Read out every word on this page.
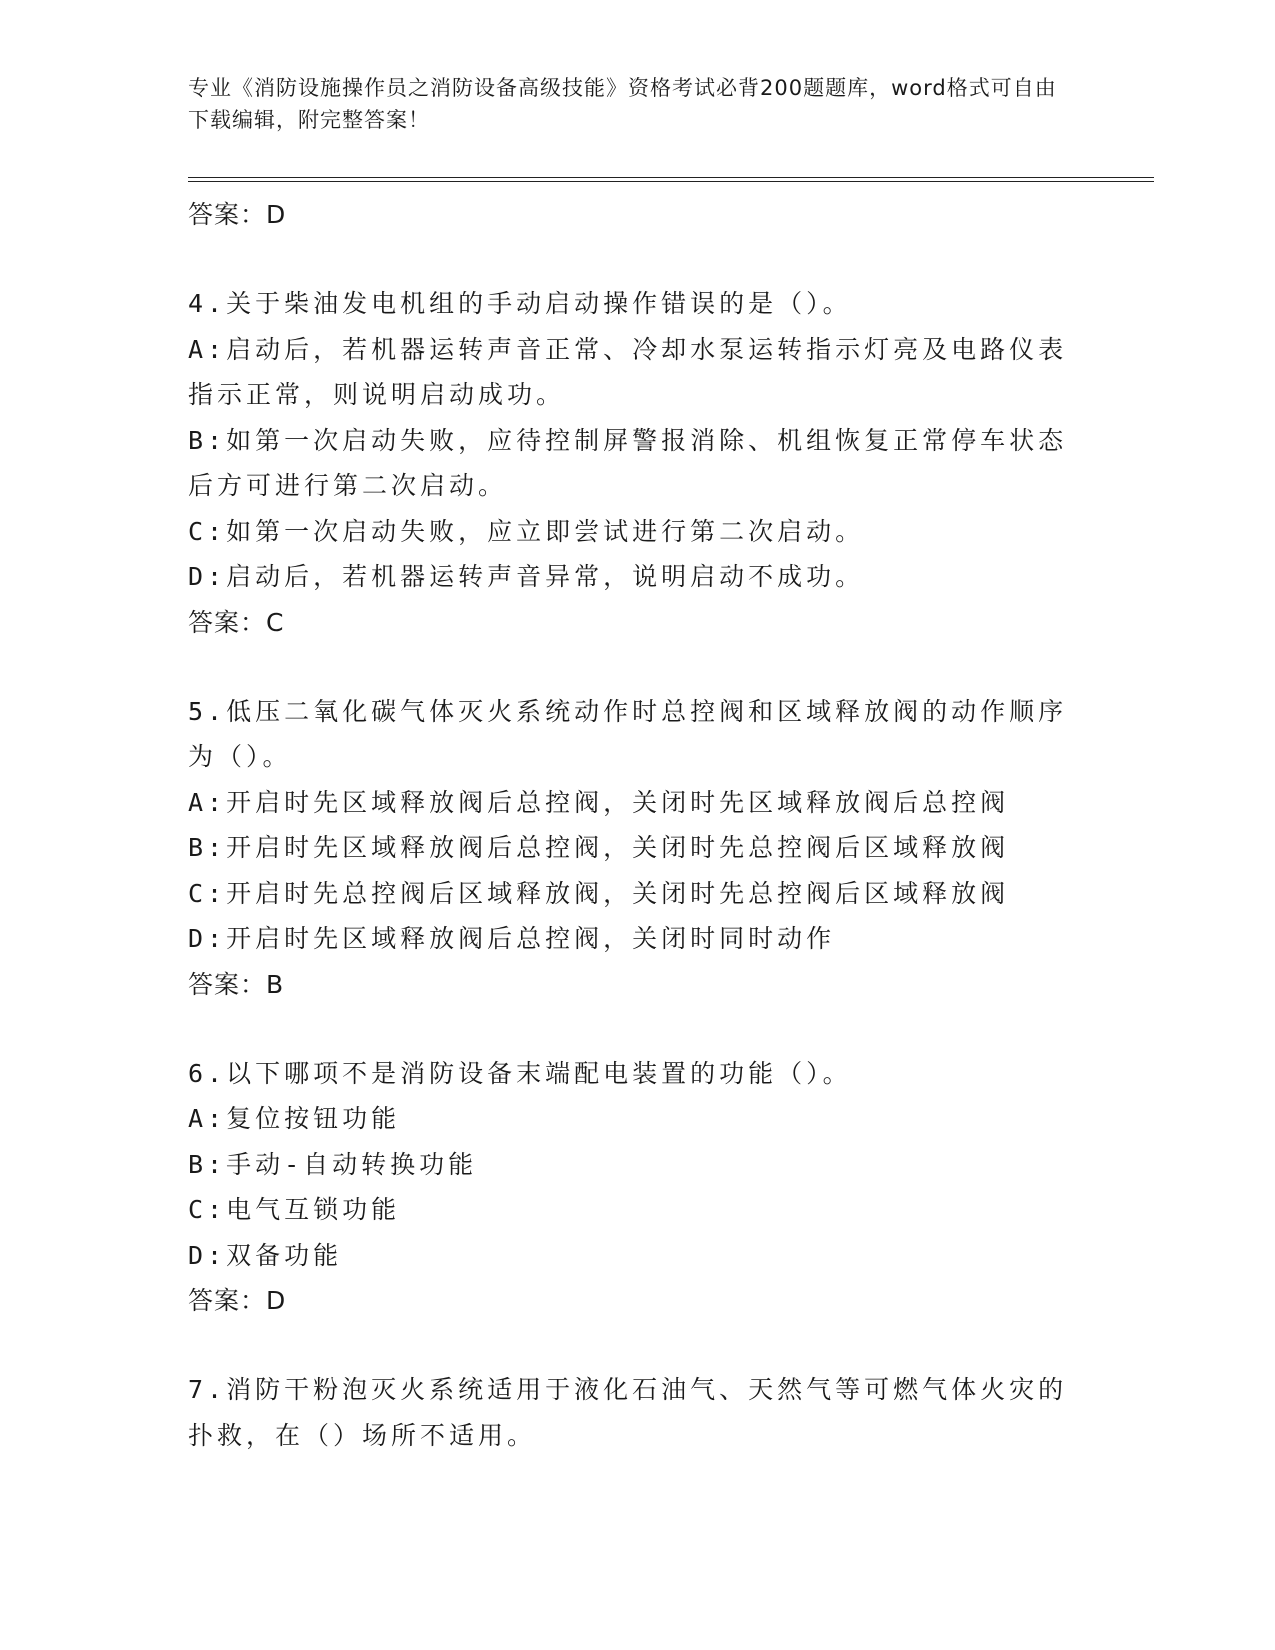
专业《消防设施操作员之消防设备高级技能》资格考试必背200题题库，word格式可自由下载编辑，附完整答案！
答案：D
4.关于柴油发电机组的手动启动操作错误的是（）。
A:启动后，若机器运转声音正常、冷却水泵运转指示灯亮及电路仪表指示正常，则说明启动成功。
B:如第一次启动失败，应待控制屏警报消除、机组恢复正常停车状态后方可进行第二次启动。
C:如第一次启动失败，应立即尝试进行第二次启动。
D:启动后，若机器运转声音异常，说明启动不成功。
答案：C
5.低压二氧化碳气体灭火系统动作时总控阀和区域释放阀的动作顺序为（）。
A:开启时先区域释放阀后总控阀，关闭时先区域释放阀后总控阀
B:开启时先区域释放阀后总控阀，关闭时先总控阀后区域释放阀
C:开启时先总控阀后区域释放阀，关闭时先总控阀后区域释放阀
D:开启时先区域释放阀后总控阀，关闭时同时动作
答案：B
6.以下哪项不是消防设备末端配电装置的功能（）。
A:复位按钮功能
B:手动-自动转换功能
C:电气互锁功能
D:双备功能
答案：D
7.消防干粉泡灭火系统适用于液化石油气、天然气等可燃气体火灾的扑救，在（）场所不适用。
